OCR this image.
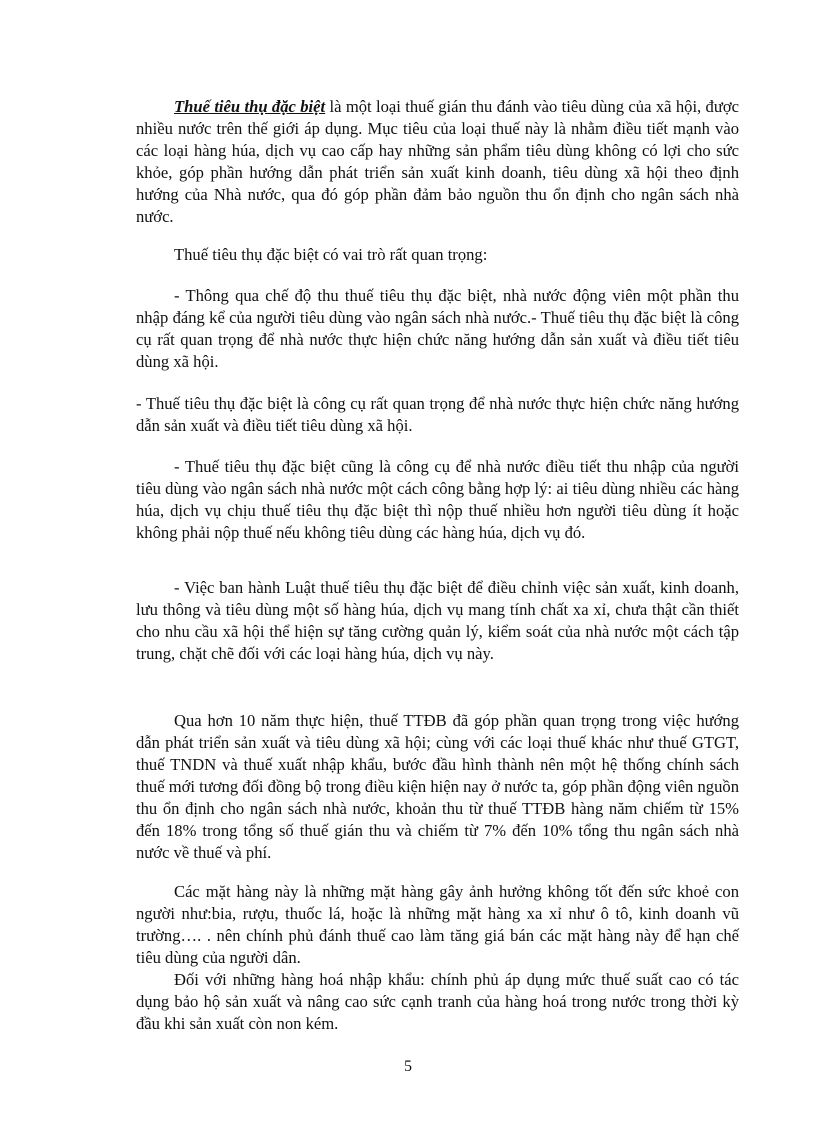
Thuế tiêu thụ đặc biệt là một loại thuế gián thu đánh vào tiêu dùng của xã hội, được nhiều nước trên thế giới áp dụng. Mục tiêu của loại thuế này là nhằm điều tiết mạnh vào các loại hàng húa, dịch vụ cao cấp hay những sản phẩm tiêu dùng không có lợi cho sức khỏe, góp phần hướng dẫn phát triển sản xuất kinh doanh, tiêu dùng xã hội theo định hướng của Nhà nước, qua đó góp phần đảm bảo nguồn thu ổn định cho ngân sách nhà nước.

Thuế tiêu thụ đặc biệt có vai trò rất quan trọng:

- Thông qua chế độ thu thuế tiêu thụ đặc biệt, nhà nước động viên một phần thu nhập đáng kể của người tiêu dùng vào ngân sách nhà nước.- Thuế tiêu thụ đặc biệt là công cụ rất quan trọng để nhà nước thực hiện chức năng hướng dẫn sản xuất và điều tiết tiêu dùng xã hội.

- Thuế tiêu thụ đặc biệt là công cụ rất quan trọng để nhà nước thực hiện chức năng hướng dẫn sản xuất và điều tiết tiêu dùng xã hội.

- Thuế tiêu thụ đặc biệt cũng là công cụ để nhà nước điều tiết thu nhập của người tiêu dùng vào ngân sách nhà nước một cách công bằng hợp lý: ai tiêu dùng nhiều các hàng húa, dịch vụ chịu thuế tiêu thụ đặc biệt thì nộp thuế nhiều hơn người tiêu dùng ít hoặc không phải nộp thuế nếu không tiêu dùng các hàng húa, dịch vụ đó.

- Việc ban hành Luật thuế tiêu thụ đặc biệt để điều chỉnh việc sản xuất, kinh doanh, lưu thông và tiêu dùng một số hàng húa, dịch vụ mang tính chất xa xỉ, chưa thật cần thiết cho nhu cầu xã hội thể hiện sự tăng cường quản lý, kiểm soát của nhà nước một cách tập trung, chặt chẽ đối với các loại hàng húa, dịch vụ này.

Qua hơn 10 năm thực hiện, thuế TTĐB đã góp phần quan trọng trong việc hướng dẫn phát triển sản xuất và tiêu dùng xã hội; cùng với các loại thuế khác như thuế GTGT, thuế TNDN và thuế xuất nhập khẩu, bước đầu hình thành nên một hệ thống chính sách thuế mới tương đối đồng bộ trong điều kiện hiện nay ở nước ta, góp phần động viên nguồn thu ổn định cho ngân sách nhà nước, khoản thu từ thuế TTĐB hàng năm chiếm từ 15% đến 18% trong tổng số thuế gián thu và chiếm từ 7% đến 10% tổng thu ngân sách nhà nước về thuế và phí.

Các mặt hàng này là những mặt hàng gây ảnh hưởng không tốt đến sức khoẻ con người như:bia, rượu, thuốc lá, hoặc là những mặt hàng xa xỉ như ô tô, kinh doanh vũ trường…. . nên chính phủ đánh thuế cao làm tăng giá bán các mặt hàng này để hạn chế tiêu dùng của người dân.

Đối với những hàng hoá nhập khẩu: chính phủ áp dụng mức thuế suất cao có tác dụng bảo hộ sản xuất và nâng cao sức cạnh tranh của hàng hoá trong nước trong thời kỳ đầu khi sản xuất còn non kém.

5
